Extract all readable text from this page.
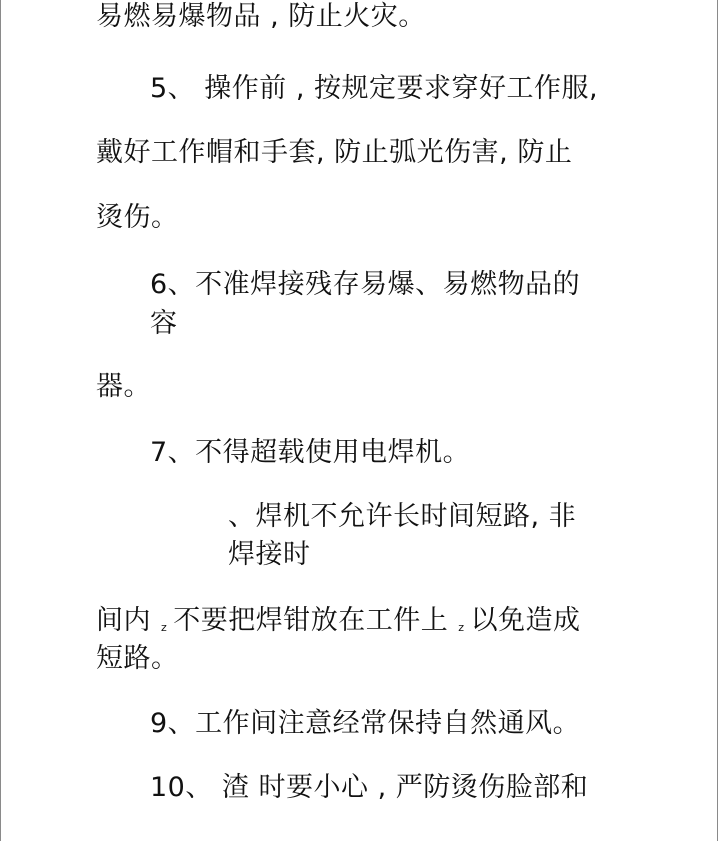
易燃易爆物品 , 防止火灾。
5、 操作前 , 按规定要求穿好工作服,
戴好工作帽和手套, 防止弧光伤害, 防止
烫伤。
6、不准焊接残存易爆、易燃物品的
容
器。
7、不得超载使用电焊机。
、焊机不允许长时间短路, 非
焊接时
间内 z 不要把焊钳放在工件上 z 以免造成
短路。
9、工作间注意经常保持自然通风。
10、 渣 时要小心 , 严防烫伤脸部和
